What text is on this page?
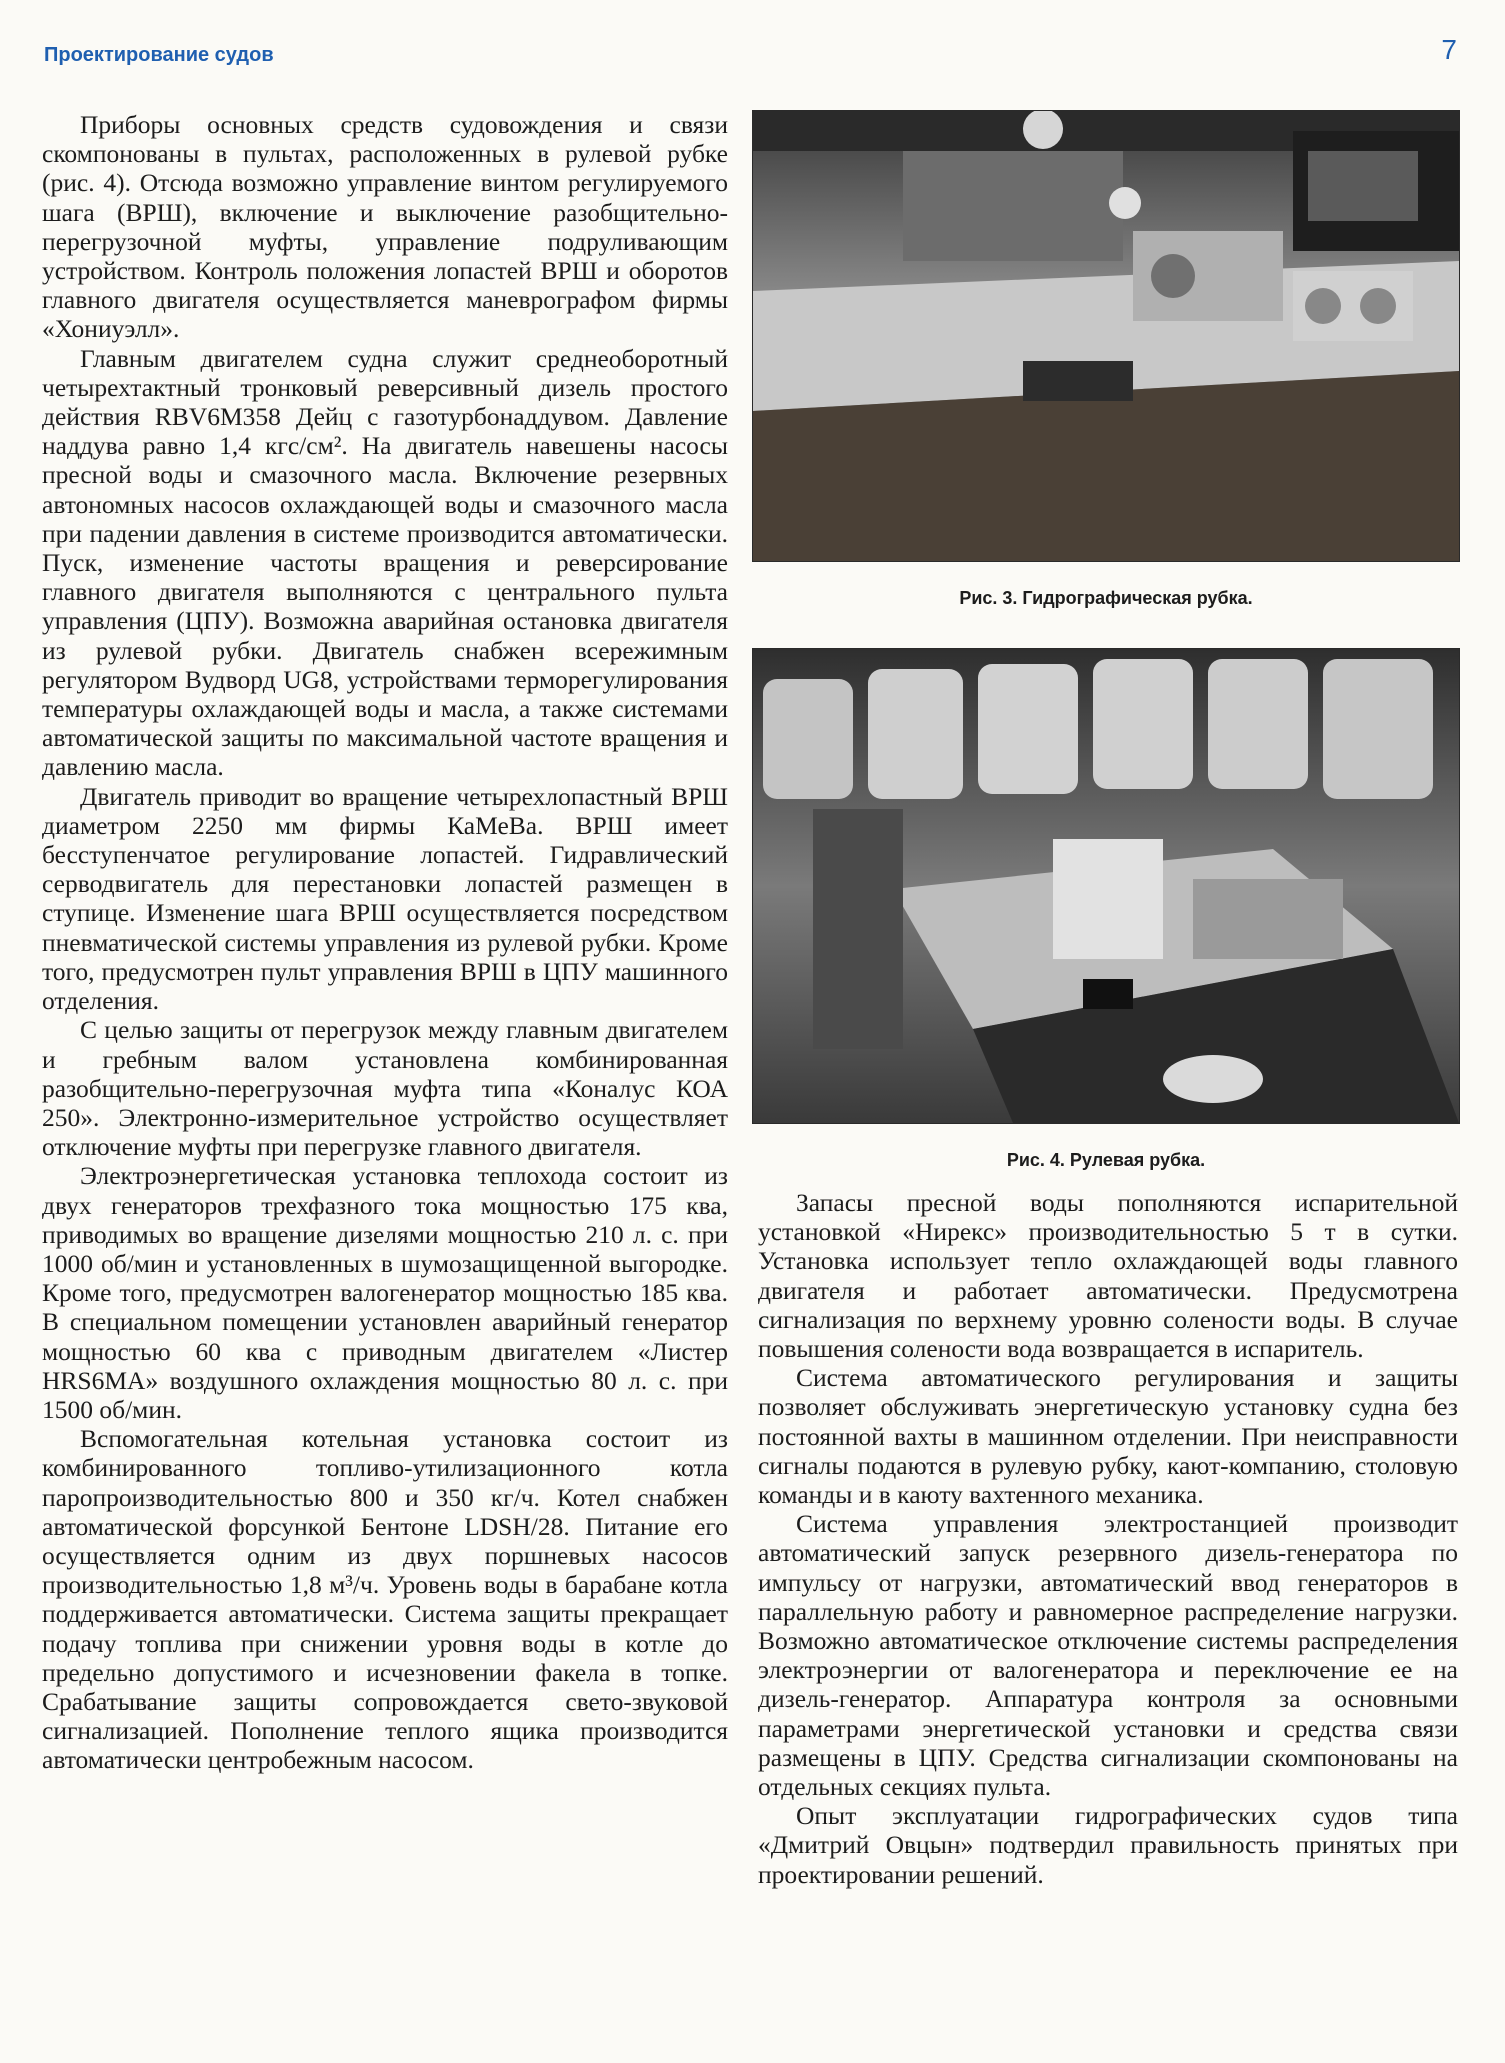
Проектирование судов	7

Приборы основных средств судовождения и связи скомпонованы в пультах, расположенных в рулевой рубке (рис. 4). Отсюда возможно управление винтом регулируемого шага (ВРШ), включение и выключение разобщительно-перегрузочной муфты, управление подруливающим устройством. Контроль положения лопастей ВРШ и оборотов главного двигателя осуществляется маневрографом фирмы «Хониуэлл».

Главным двигателем судна служит среднеоборотный четырехтактный тронковый реверсивный дизель простого действия RBV6M358 Дейц с газотурбонаддувом. Давление наддува равно 1,4 кгс/см². На двигатель навешены насосы пресной воды и смазочного масла. Включение резервных автономных насосов охлаждающей воды и смазочного масла при падении давления в системе производится автоматически. Пуск, изменение частоты вращения и реверсирование главного двигателя выполняются с центрального пульта управления (ЦПУ). Возможна аварийная остановка двигателя из рулевой рубки. Двигатель снабжен всережимным регулятором Вудворд UG8, устройствами терморегулирования температуры охлаждающей воды и масла, а также системами автоматической защиты по максимальной частоте вращения и давлению масла.

Двигатель приводит во вращение четырехлопастный ВРШ диаметром 2250 мм фирмы КаМеВа. ВРШ имеет бесступенчатое регулирование лопастей. Гидравлический серводвигатель для перестановки лопастей размещен в ступице. Изменение шага ВРШ осуществляется посредством пневматической системы управления из рулевой рубки. Кроме того, предусмотрен пульт управления ВРШ в ЦПУ машинного отделения.

С целью защиты от перегрузок между главным двигателем и гребным валом установлена комбинированная разобщительно-перегрузочная муфта типа «Коналус КОА 250». Электронно-измерительное устройство осуществляет отключение муфты при перегрузке главного двигателя.

Электроэнергетическая установка теплохода состоит из двух генераторов трехфазного тока мощностью 175 ква, приводимых во вращение дизелями мощностью 210 л. с. при 1000 об/мин и установленных в шумозащищенной выгородке. Кроме того, предусмотрен валогенератор мощностью 185 ква. В специальном помещении установлен аварийный генератор мощностью 60 ква с приводным двигателем «Листер HRS6MA» воздушного охлаждения мощностью 80 л. с. при 1500 об/мин.

Вспомогательная котельная установка состоит из комбинированного топливо-утилизационного котла паропроизводительностью 800 и 350 кг/ч. Котел снабжен автоматической форсункой Бентоне LDSH/28. Питание его осуществляется одним из двух поршневых насосов производительностью 1,8 м³/ч. Уровень воды в барабане котла поддерживается автоматически. Система защиты прекращает подачу топлива при снижении уровня воды в котле до предельно допустимого и исчезновении факела в топке. Срабатывание защиты сопровождается свето-звуковой сигнализацией. Пополнение теплого ящика производится автоматически центробежным насосом.

Рис. 3. Гидрографическая рубка.
Рис. 4. Рулевая рубка.

Запасы пресной воды пополняются испарительной установкой «Нирекс» производительностью 5 т в сутки. Установка использует тепло охлаждающей воды главного двигателя и работает автоматически. Предусмотрена сигнализация по верхнему уровню солености воды. В случае повышения солености вода возвращается в испаритель.

Система автоматического регулирования и защиты позволяет обслуживать энергетическую установку судна без постоянной вахты в машинном отделении. При неисправности сигналы подаются в рулевую рубку, кают-компанию, столовую команды и в каюту вахтенного механика.

Система управления электростанцией производит автоматический запуск резервного дизель-генератора по импульсу от нагрузки, автоматический ввод генераторов в параллельную работу и равномерное распределение нагрузки. Возможно автоматическое отключение системы распределения электроэнергии от валогенератора и переключение ее на дизель-генератор. Аппаратура контроля за основными параметрами энергетической установки и средства связи размещены в ЦПУ. Средства сигнализации скомпонованы на отдельных секциях пульта.

Опыт эксплуатации гидрографических судов типа «Дмитрий Овцын» подтвердил правильность принятых при проектировании решений.
